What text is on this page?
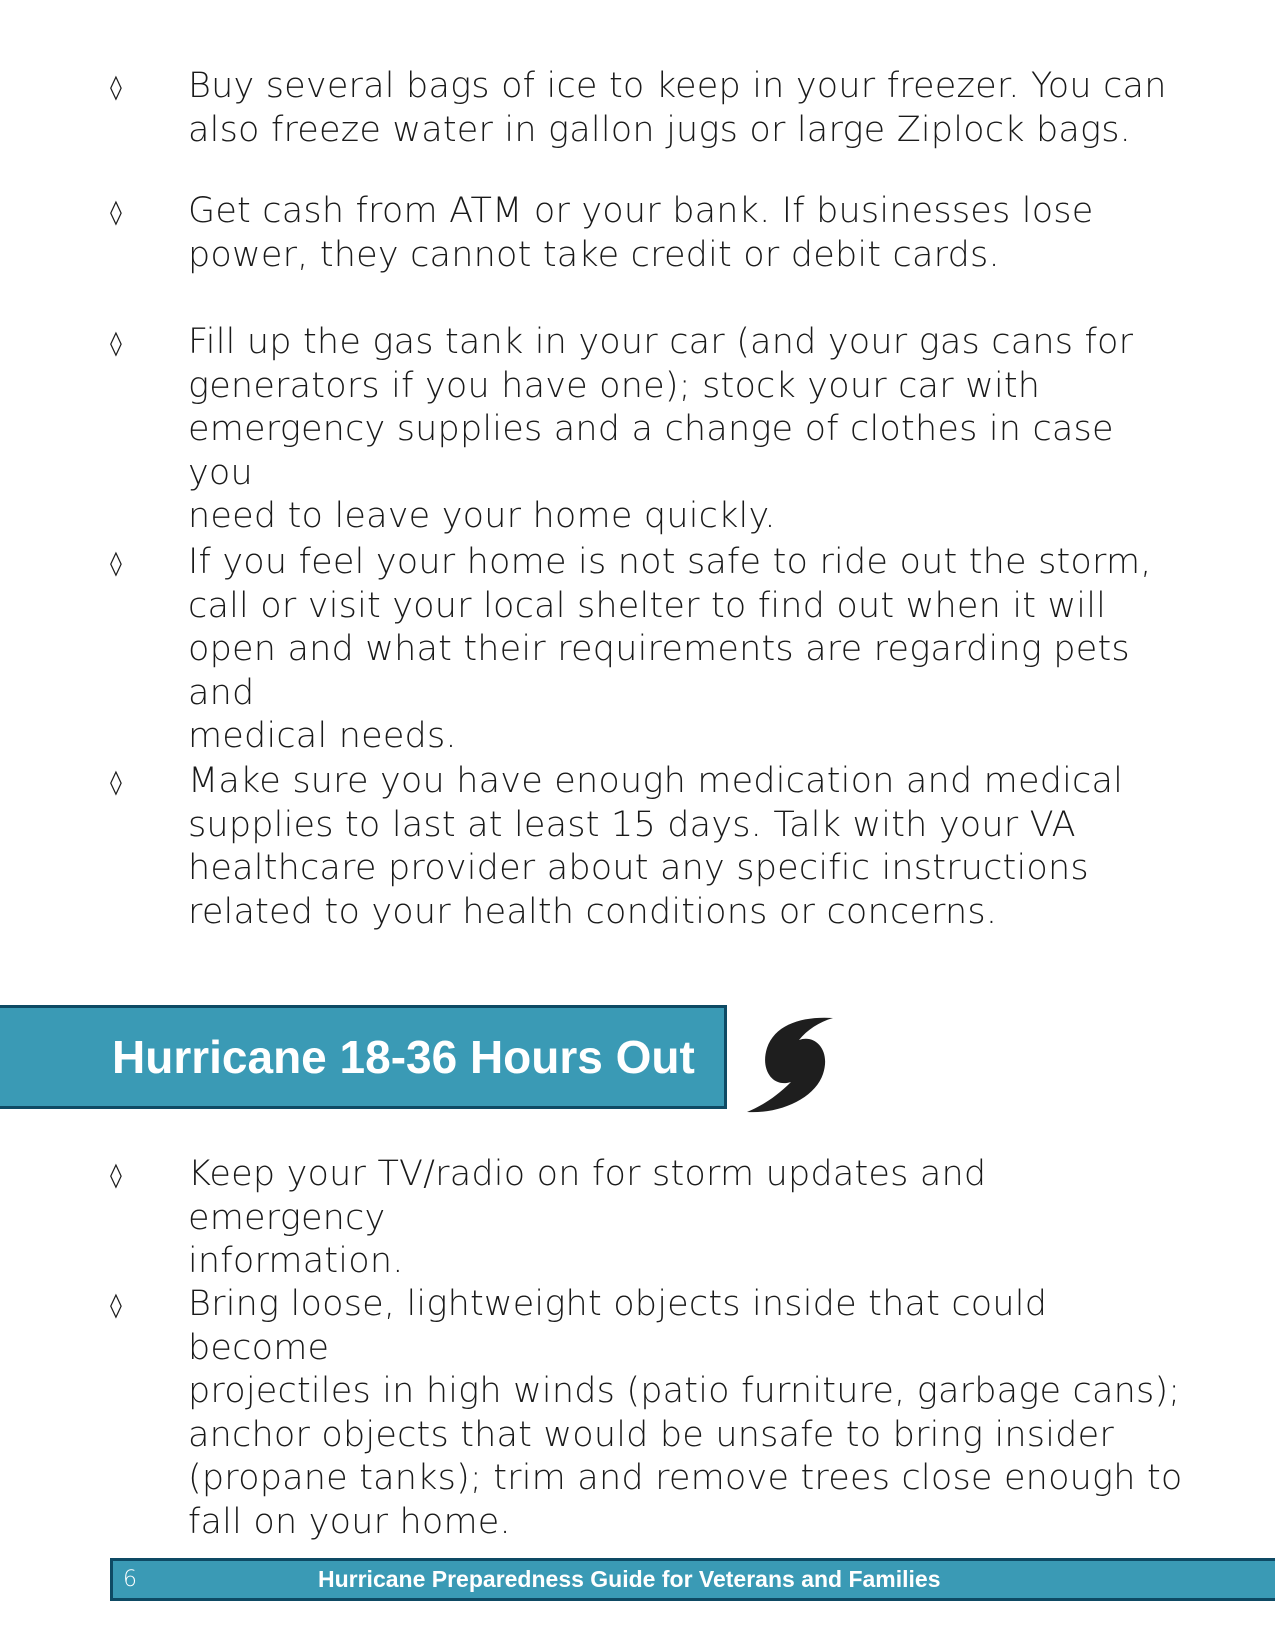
◊ Buy several bags of ice to keep in your freezer. You can
also freeze water in gallon jugs or large Ziplock bags.
◊ Get cash from ATM or your bank. If businesses lose
power, they cannot take credit or debit cards.
◊ Fill up the gas tank in your car (and your gas cans for
generators if you have one); stock your car with
emergency supplies and a change of clothes in case you
need to leave your home quickly.
◊ If you feel your home is not safe to ride out the storm,
call or visit your local shelter to find out when it will
open and what their requirements are regarding pets and
medical needs.
◊ Make sure you have enough medication and medical
supplies to last at least 15 days. Talk with your VA
healthcare provider about any specific instructions
related to your health conditions or concerns.
Hurricane 18-36 Hours Out
◊ Keep your TV/radio on for storm updates and emergency
information.
◊ Bring loose, lightweight objects inside that could become
projectiles in high winds (patio furniture, garbage cans);
anchor objects that would be unsafe to bring insider
(propane tanks); trim and remove trees close enough to
fall on your home.
6	Hurricane Preparedness Guide for Veterans and Families
